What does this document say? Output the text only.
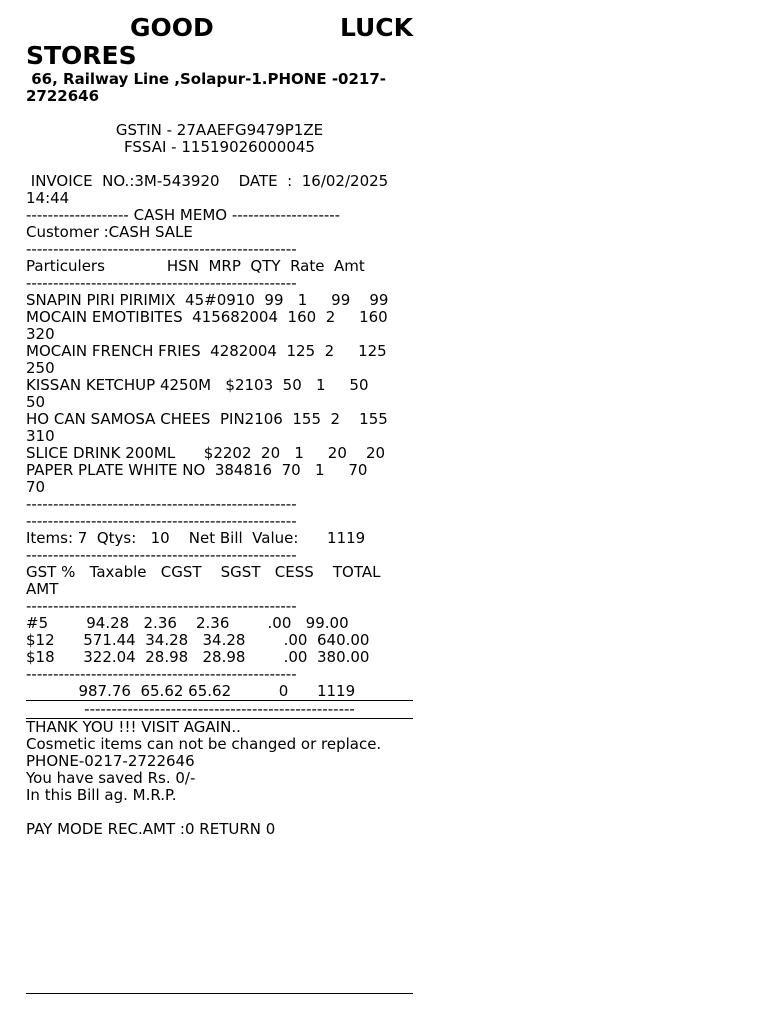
GOOD	LUCK
STORES
66, Railway Line ,Solapur-1.PHONE -0217-
2722646
GSTIN - 27AAEFG9479P1ZE
FSSAI - 11519026000045
INVOICE  NO.:3M-543920    DATE  :  16/02/2025
14:44
------------------- CASH MEMO --------------------
Customer :CASH SALE
--------------------------------------------------
Particulers             HSN  MRP  QTY  Rate  Amt
--------------------------------------------------
SNAPIN PIRI PIRIMIX  45#0910  99   1     99    99
MOCAIN EMOTIBITES  415682004  160  2     160
320
MOCAIN FRENCH FRIES  4282004  125  2     125
250
KISSAN KETCHUP 4250M   $2103  50   1     50
50
HO CAN SAMOSA CHEES  PIN2106  155  2    155
310
SLICE DRINK 200ML      $2202  20   1     20    20
PAPER PLATE WHITE NO  384816  70   1     70
70
--------------------------------------------------
--------------------------------------------------
Items: 7  Qtys:   10    Net Bill  Value:      1119
--------------------------------------------------
GST %   Taxable   CGST    SGST   CESS    TOTAL
AMT
--------------------------------------------------
#5        94.28   2.36    2.36        .00   99.00
$12      571.44  34.28   34.28        .00  640.00
$18      322.04  28.98   28.98        .00  380.00
--------------------------------------------------
987.76  65.62 65.62          0      1119
--------------------------------------------------
THANK YOU !!! VISIT AGAIN..
Cosmetic items can not be changed or replace.
PHONE-0217-2722646
You have saved Rs. 0/-
In this Bill ag. M.R.P.
PAY MODE REC.AMT :0 RETURN 0
